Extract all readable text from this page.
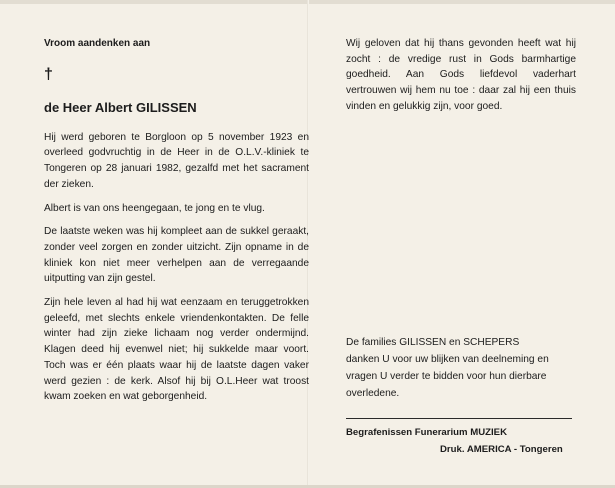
Vroom aandenken aan
†
de Heer Albert GILISSEN

Hij werd geboren te Borgloon op 5 november 1923 en overleed godvruchtig in de Heer in de O.L.V.-kliniek te Tongeren op 28 januari 1982, gezalfd met het sacrament der zieken.

Albert is van ons heengegaan, te jong en te vlug.

De laatste weken was hij kompleet aan de sukkel geraakt, zonder veel zorgen en zonder uitzicht. Zijn opname in de kliniek kon niet meer verhelpen aan de verregaande uitputting van zijn gestel.

Zijn hele leven al had hij wat eenzaam en teruggetrokken geleefd, met slechts enkele vriendenkontakten. De felle winter had zijn zieke lichaam nog verder ondermijnd. Klagen deed hij evenwel niet; hij sukkelde maar voort. Toch was er één plaats waar hij de laatste dagen vaker werd gezien : de kerk. Alsof hij bij O.L.Heer wat troost kwam zoeken en wat geborgenheid.

Wij geloven dat hij thans gevonden heeft wat hij zocht : de vredige rust in Gods barmhartige goedheid. Aan Gods liefdevol vaderhart vertrouwen wij hem nu toe : daar zal hij een thuis vinden en gelukkig zijn, voor goed.

De families GILISSEN en SCHEPERS

danken U voor uw blijken van deelneming en

vragen U verder te bidden voor hun dierbare

overledene.

Begrafenissen Funerarium MUZIEK
Druk. AMERICA - Tongeren
